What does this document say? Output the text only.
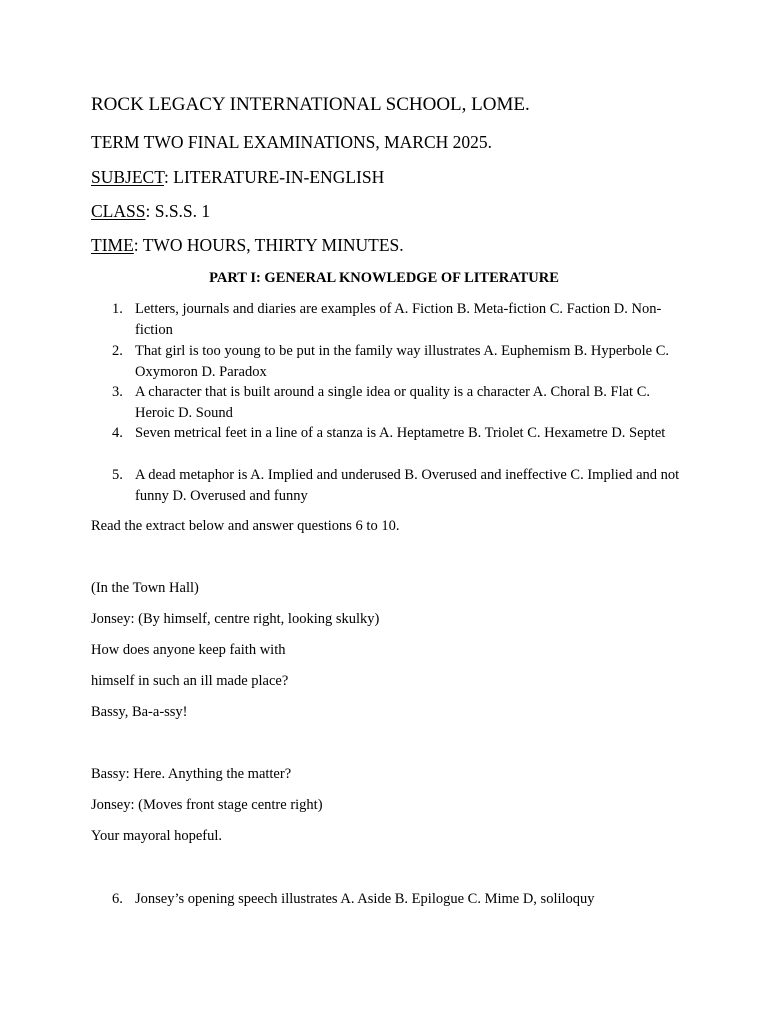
ROCK LEGACY INTERNATIONAL SCHOOL, LOME.
TERM TWO FINAL EXAMINATIONS, MARCH 2025.
SUBJECT: LITERATURE-IN-ENGLISH
CLASS: S.S.S. 1
TIME: TWO HOURS, THIRTY MINUTES.
PART I: GENERAL KNOWLEDGE OF LITERATURE
1. Letters, journals and diaries are examples of A. Fiction B. Meta-fiction C. Faction D. Non-fiction
2. That girl is too young to be put in the family way illustrates A. Euphemism B. Hyperbole C. Oxymoron D. Paradox
3. A character that is built around a single idea or quality is a character A. Choral B. Flat C. Heroic D. Sound
4. Seven metrical feet in a line of a stanza is A. Heptametre B. Triolet C. Hexametre D. Septet
5. A dead metaphor is A. Implied and underused B. Overused and ineffective C. Implied and not funny D. Overused and funny
Read the extract below and answer questions 6 to 10.
(In the Town Hall)
Jonsey: (By himself, centre right, looking skulky)
How does anyone keep faith with
himself in such an ill made place?
Bassy, Ba-a-ssy!
Bassy: Here. Anything the matter?
Jonsey: (Moves front stage centre right)
Your mayoral hopeful.
6. Jonsey’s opening speech illustrates A. Aside B. Epilogue C. Mime D, soliloquy
